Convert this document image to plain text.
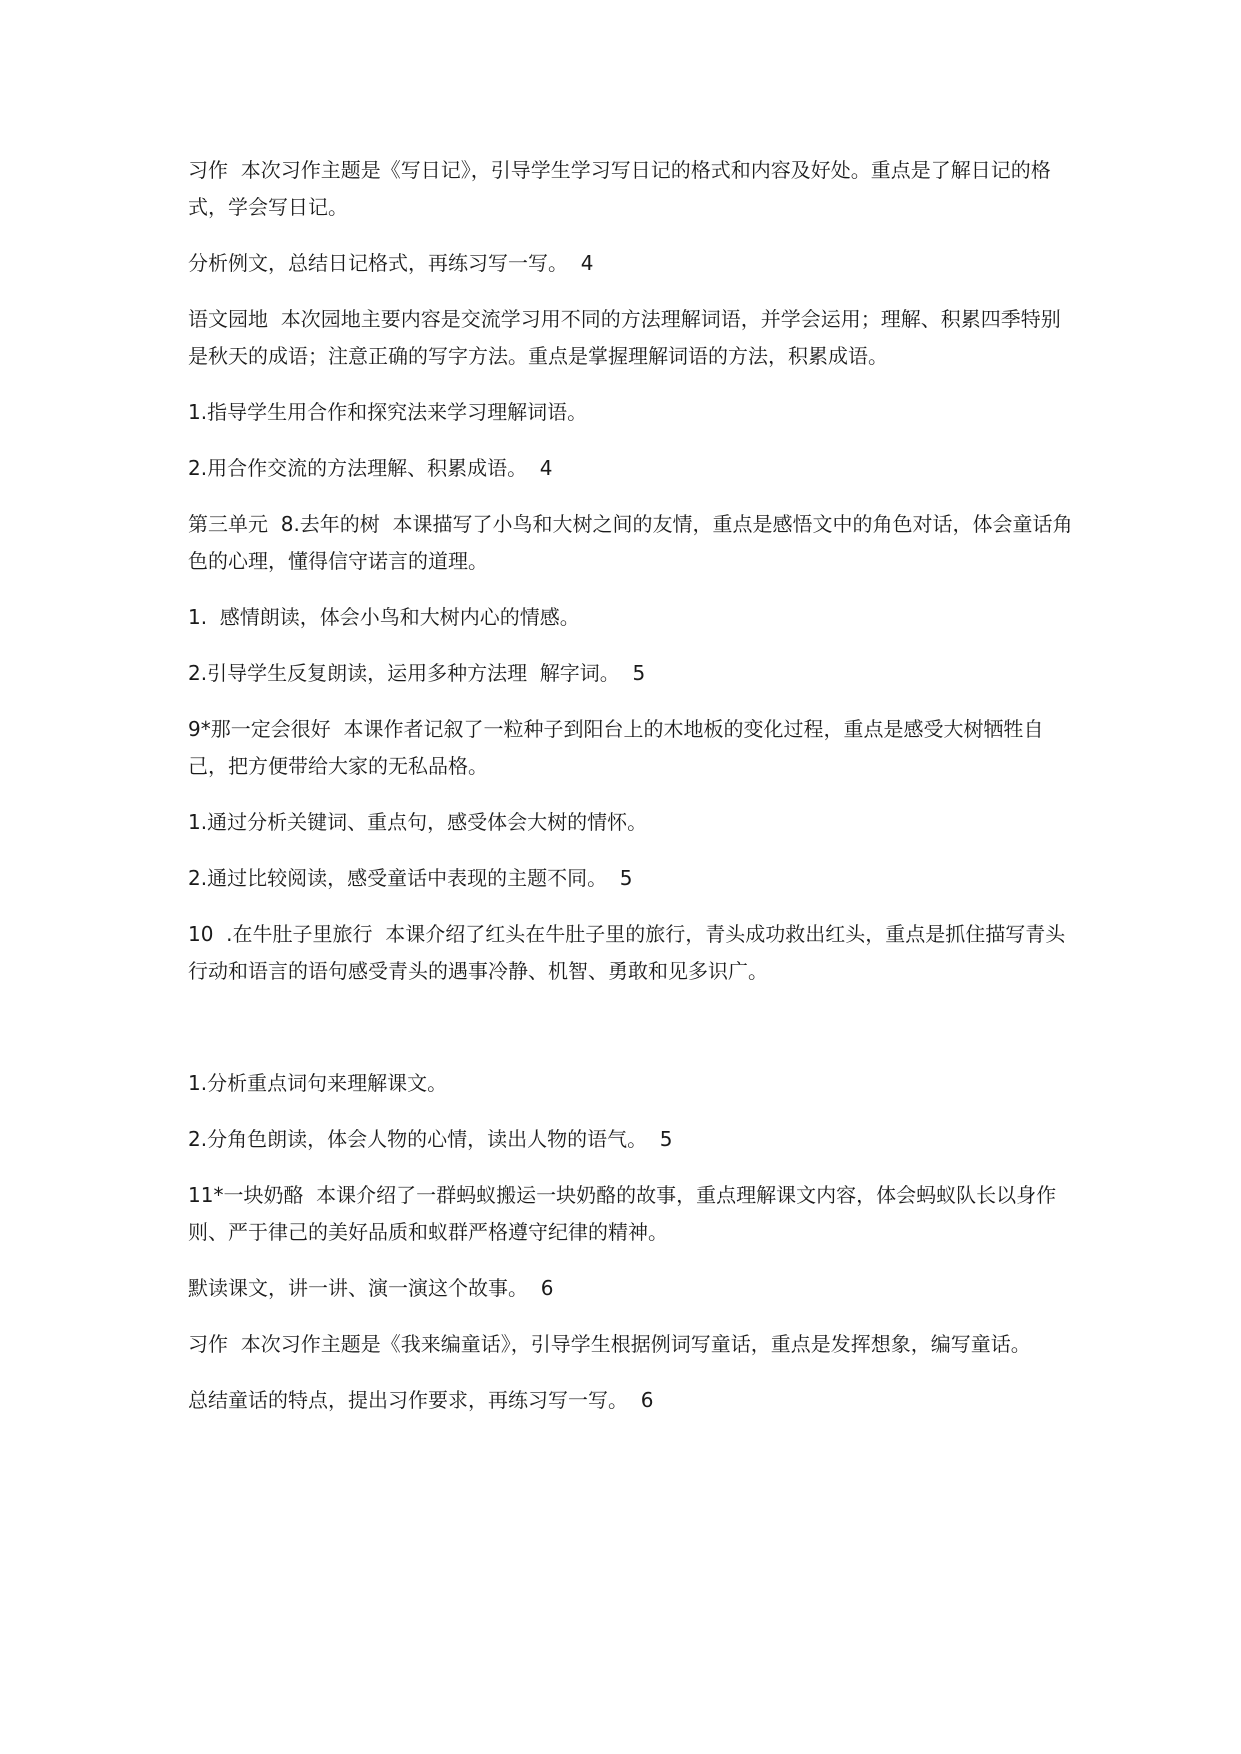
习作  本次习作主题是《写日记》，引导学生学习写日记的格式和内容及好处。重点是了解日记的格式，学会写日记。

分析例文，总结日记格式，再练习写一写。  4

语文园地  本次园地主要内容是交流学习用不同的方法理解词语，并学会运用；理解、积累四季特别是秋天的成语；注意正确的写字方法。重点是掌握理解词语的方法，积累成语。

1.指导学生用合作和探究法来学习理解词语。

2.用合作交流的方法理解、积累成语。  4

第三单元  8.去年的树  本课描写了小鸟和大树之间的友情，重点是感悟文中的角色对话，体会童话角色的心理，懂得信守诺言的道理。

1.  感情朗读，体会小鸟和大树内心的情感。

2.引导学生反复朗读，运用多种方法理  解字词。  5

9*那一定会很好  本课作者记叙了一粒种子到阳台上的木地板的变化过程，重点是感受大树牺牲自己，把方便带给大家的无私品格。

1.通过分析关键词、重点句，感受体会大树的情怀。

2.通过比较阅读，感受童话中表现的主题不同。  5

10  .在牛肚子里旅行  本课介绍了红头在牛肚子里的旅行，青头成功救出红头，重点是抓住描写青头行动和语言的语句感受青头的遇事冷静、机智、勇敢和见多识广。

1.分析重点词句来理解课文。

2.分角色朗读，体会人物的心情，读出人物的语气。  5

11*一块奶酪  本课介绍了一群蚂蚁搬运一块奶酪的故事，重点理解课文内容，体会蚂蚁队长以身作则、严于律己的美好品质和蚁群严格遵守纪律的精神。

默读课文，讲一讲、演一演这个故事。  6

习作  本次习作主题是《我来编童话》，引导学生根据例词写童话，重点是发挥想象，编写童话。

总结童话的特点，提出习作要求，再练习写一写。  6
